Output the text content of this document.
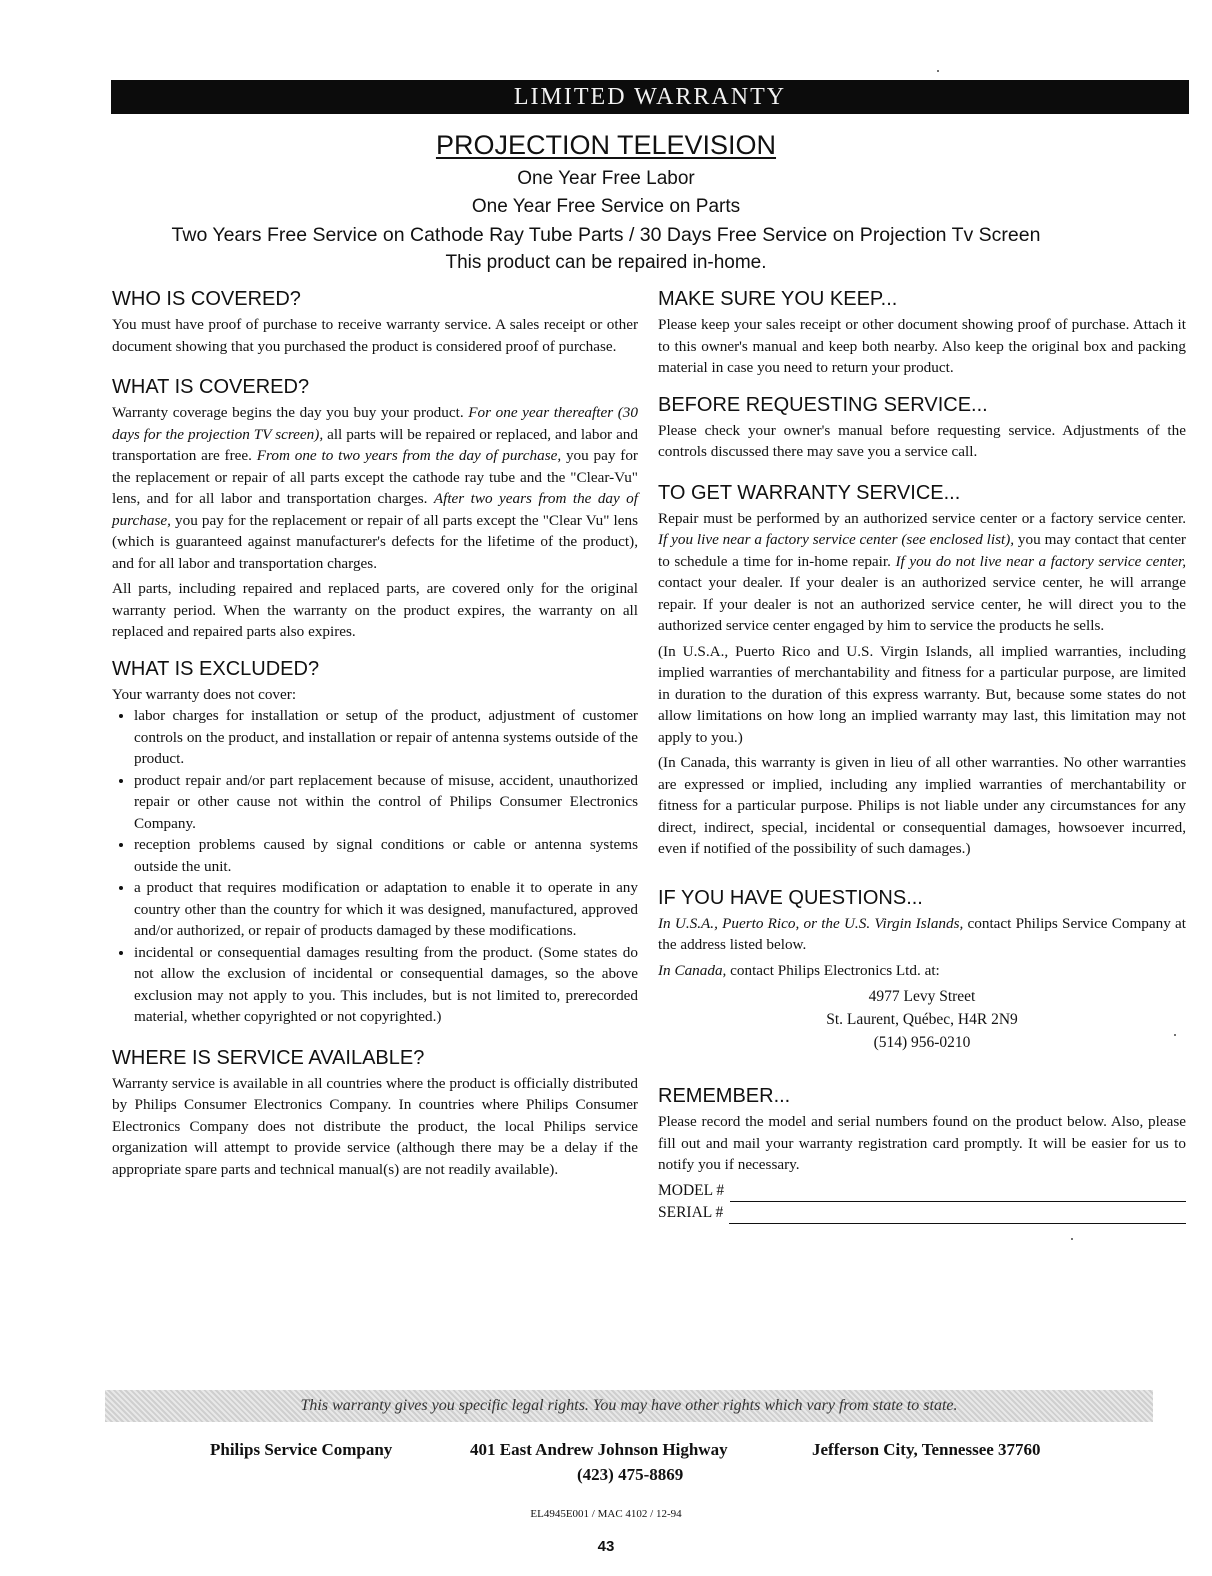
LIMITED WARRANTY
PROJECTION TELEVISION
One Year Free Labor
One Year Free Service on Parts
Two Years Free Service on Cathode Ray Tube Parts / 30 Days Free Service on Projection Tv Screen
This product can be repaired in-home.
WHO IS COVERED?

You must have proof of purchase to receive warranty service. A sales receipt or other document showing that you purchased the product is considered proof of purchase.

WHAT IS COVERED?

Warranty coverage begins the day you buy your product. For one year thereafter (30 days for the projection TV screen), all parts will be repaired or replaced, and labor and transportation are free. From one to two years from the day of purchase, you pay for the replacement or repair of all parts except the cathode ray tube and the "Clear-Vu" lens, and for all labor and transportation charges. After two years from the day of purchase, you pay for the replacement or repair of all parts except the "Clear Vu" lens (which is guaranteed against manufacturer's defects for the lifetime of the product), and for all labor and transportation charges.

All parts, including repaired and replaced parts, are covered only for the original warranty period. When the warranty on the product expires, the warranty on all replaced and repaired parts also expires.

WHAT IS EXCLUDED?

Your warranty does not cover:

• labor charges for installation or setup of the product, adjustment of customer controls on the product, and installation or repair of antenna systems outside of the product.
• product repair and/or part replacement because of misuse, accident, unauthorized repair or other cause not within the control of Philips Consumer Electronics Company.
• reception problems caused by signal conditions or cable or antenna systems outside the unit.
• a product that requires modification or adaptation to enable it to operate in any country other than the country for which it was designed, manufactured, approved and/or authorized, or repair of products damaged by these modifications.
• incidental or consequential damages resulting from the product. (Some states do not allow the exclusion of incidental or consequential damages, so the above exclusion may not apply to you. This includes, but is not limited to, prerecorded material, whether copyrighted or not copyrighted.)
WHERE IS SERVICE AVAILABLE?

Warranty service is available in all countries where the product is officially distributed by Philips Consumer Electronics Company. In countries where Philips Consumer Electronics Company does not distribute the product, the local Philips service organization will attempt to provide service (although there may be a delay if the appropriate spare parts and technical manual(s) are not readily available).

MAKE SURE YOU KEEP...

Please keep your sales receipt or other document showing proof of purchase. Attach it to this owner's manual and keep both nearby. Also keep the original box and packing material in case you need to return your product.

BEFORE REQUESTING SERVICE...

Please check your owner's manual before requesting service. Adjustments of the controls discussed there may save you a service call.

TO GET WARRANTY SERVICE...

Repair must be performed by an authorized service center or a factory service center. If you live near a factory service center (see enclosed list), you may contact that center to schedule a time for in-home repair. If you do not live near a factory service center, contact your dealer. If your dealer is an authorized service center, he will arrange repair. If your dealer is not an authorized service center, he will direct you to the authorized service center engaged by him to service the products he sells.

(In U.S.A., Puerto Rico and U.S. Virgin Islands, all implied warranties, including implied warranties of merchantability and fitness for a particular purpose, are limited in duration to the duration of this express warranty. But, because some states do not allow limitations on how long an implied warranty may last, this limitation may not apply to you.)

(In Canada, this warranty is given in lieu of all other warranties. No other warranties are expressed or implied, including any implied warranties of merchantability or fitness for a particular purpose. Philips is not liable under any circumstances for any direct, indirect, special, incidental or consequential damages, howsoever incurred, even if notified of the possibility of such damages.)

IF YOU HAVE QUESTIONS...

In U.S.A., Puerto Rico, or the U.S. Virgin Islands, contact Philips Service Company at the address listed below.

In Canada, contact Philips Electronics Ltd. at:

4977 Levy Street
St. Laurent, Québec, H4R 2N9
(514) 956-0210
REMEMBER...

Please record the model and serial numbers found on the product below. Also, please fill out and mail your warranty registration card promptly. It will be easier for us to notify you if necessary.

MODEL #
SERIAL #
This warranty gives you specific legal rights. You may have other rights which vary from state to state.
Philips Service Company	401 East Andrew Johnson Highway
(423) 475-8869
Jefferson City, Tennessee 37760
EL4945E001 / MAC 4102 / 12-94
43
